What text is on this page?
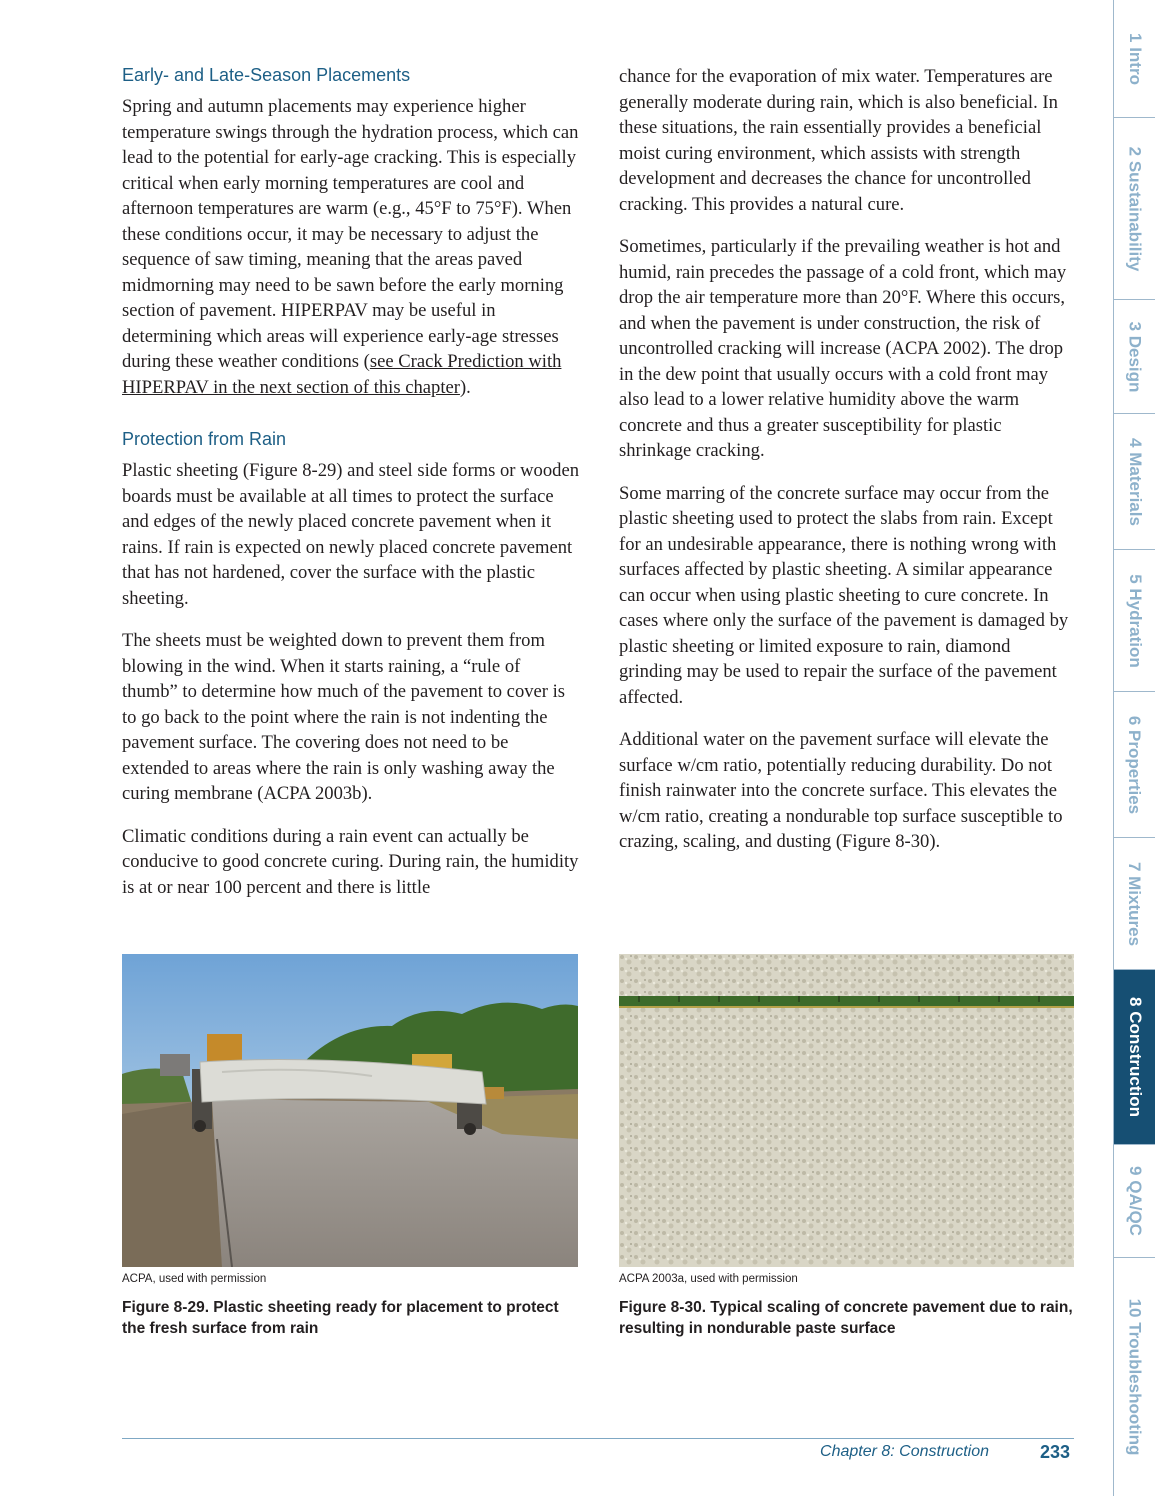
Early- and Late-Season Placements

Spring and autumn placements may experience higher temperature swings through the hydration process, which can lead to the potential for early-age cracking. This is especially critical when early morning temperatures are cool and afternoon temperatures are warm (e.g., 45°F to 75°F). When these conditions occur, it may be necessary to adjust the sequence of saw timing, meaning that the areas paved midmorning may need to be sawn before the early morning section of pavement. HIPERPAV may be useful in determining which areas will experience early-age stresses during these weather conditions (see Crack Prediction with HIPERPAV in the next section of this chapter).

Protection from Rain

Plastic sheeting (Figure 8-29) and steel side forms or wooden boards must be available at all times to protect the surface and edges of the newly placed concrete pavement when it rains. If rain is expected on newly placed concrete pavement that has not hardened, cover the surface with the plastic sheeting.

The sheets must be weighted down to prevent them from blowing in the wind. When it starts raining, a “rule of thumb” to determine how much of the pavement to cover is to go back to the point where the rain is not indenting the pavement surface. The covering does not need to be extended to areas where the rain is only washing away the curing membrane (ACPA 2003b).

Climatic conditions during a rain event can actually be conducive to good concrete curing. During rain, the humidity is at or near 100 percent and there is little

chance for the evaporation of mix water. Temperatures are generally moderate during rain, which is also beneficial. In these situations, the rain essentially provides a beneficial moist curing environment, which assists with strength development and decreases the chance for uncontrolled cracking. This provides a natural cure.

Sometimes, particularly if the prevailing weather is hot and humid, rain precedes the passage of a cold front, which may drop the air temperature more than 20°F. Where this occurs, and when the pavement is under construction, the risk of uncontrolled cracking will increase (ACPA 2002). The drop in the dew point that usually occurs with a cold front may also lead to a lower relative humidity above the warm concrete and thus a greater susceptibility for plastic shrinkage cracking.

Some marring of the concrete surface may occur from the plastic sheeting used to protect the slabs from rain. Except for an undesirable appearance, there is nothing wrong with surfaces affected by plastic sheeting. A similar appearance can occur when using plastic sheeting to cure concrete. In cases where only the surface of the pavement is damaged by plastic sheeting or limited exposure to rain, diamond grinding may be used to repair the surface of the pavement affected.

Additional water on the pavement surface will elevate the surface w/cm ratio, potentially reducing durability. Do not finish rainwater into the concrete surface. This elevates the w/cm ratio, creating a nondurable top surface susceptible to crazing, scaling, and dusting (Figure 8-30).

ACPA, used with permission
Figure 8-29. Plastic sheeting ready for placement to protect the fresh surface from rain
ACPA 2003a, used with permission
Figure 8-30. Typical scaling of concrete pavement due to rain, resulting in nondurable paste surface
Chapter 8: Construction	233
1 Intro
2 Sustainability
3 Design
4 Materials
5 Hydration
6 Properties
7 Mixtures
8 Construction
9 QA/QC
10 Troubleshooting
